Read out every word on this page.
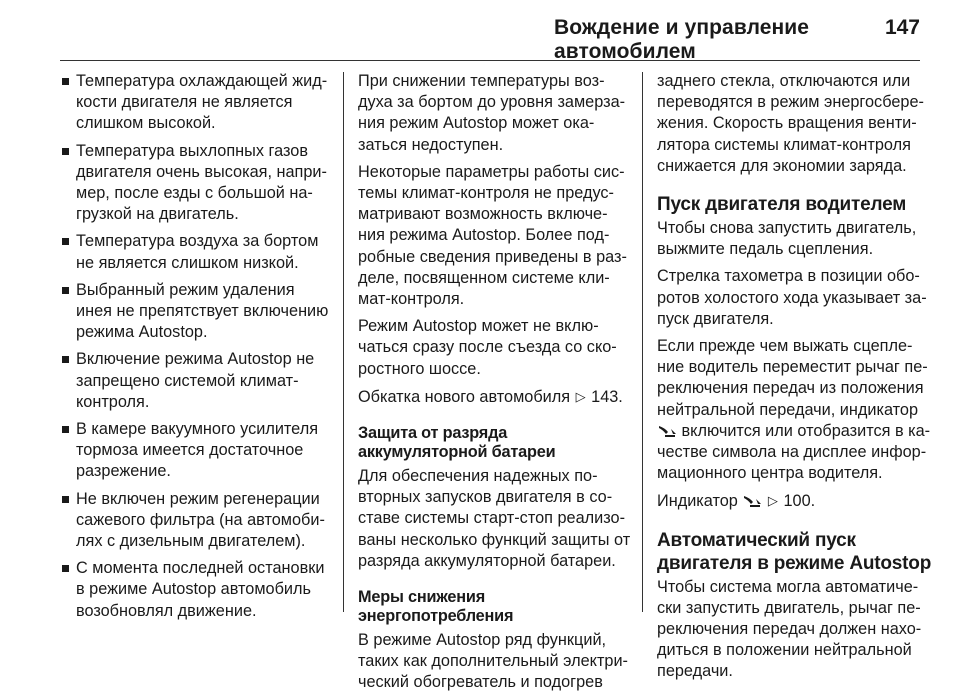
Вождение и управление автомобилем
147
Температура охлаждающей жид-
кости двигателя не является
слишком высокой.
Температура выхлопных газов
двигателя очень высокая, напри-
мер, после езды с большой на-
грузкой на двигатель.
Температура воздуха за бортом
не является слишком низкой.
Выбранный режим удаления
инея не препятствует включению
режима Autostop.
Включение режима Autostop не
запрещено системой климат-
контроля.
В камере вакуумного усилителя
тормоза имеется достаточное
разрежение.
Не включен режим регенерации
сажевого фильтра (на автомоби-
лях с дизельным двигателем).
С момента последней остановки
в режиме Autostop автомобиль
возобновлял движение.

При снижении температуры воз-
духа за бортом до уровня замерза-
ния режим Autostop может ока-
заться недоступен.

Некоторые параметры работы сис-
темы климат-контроля не предус-
матривают возможность включе-
ния режима Autostop. Более под-
робные сведения приведены в раз-
деле, посвященном системе кли-
мат-контроля.

Режим Autostop может не вклю-
чаться сразу после съезда со ско-
ростного шоссе.

Обкатка нового автомобиля ▷ 143.

Защита от разряда
аккумуляторной батареи

Для обеспечения надежных по-
вторных запусков двигателя в со-
ставе системы старт-стоп реализо-
ваны несколько функций защиты от
разряда аккумуляторной батареи.

Меры снижения
энергопотребления

В режиме Autostop ряд функций,
таких как дополнительный электри-
ческий обогреватель и подогрев

заднего стекла, отключаются или
переводятся в режим энергосбере-
жения. Скорость вращения венти-
лятора системы климат-контроля
снижается для экономии заряда.

Пуск двигателя водителем

Чтобы снова запустить двигатель,
выжмите педаль сцепления.

Стрелка тахометра в позиции обо-
ротов холостого хода указывает за-
пуск двигателя.

Если прежде чем выжать сцепле-
ние водитель переместит рычаг пе-
реключения передач из положения
нейтральной передачи, индикатор
включится или отобразится в ка-
честве символа на дисплее инфор-
мационного центра водителя.

Индикатор ▷ 100.

Автоматический пуск
двигателя в режиме Autostop

Чтобы система могла автоматиче-
ски запустить двигатель, рычаг пе-
реключения передач должен нахо-
диться в положении нейтральной
передачи.
